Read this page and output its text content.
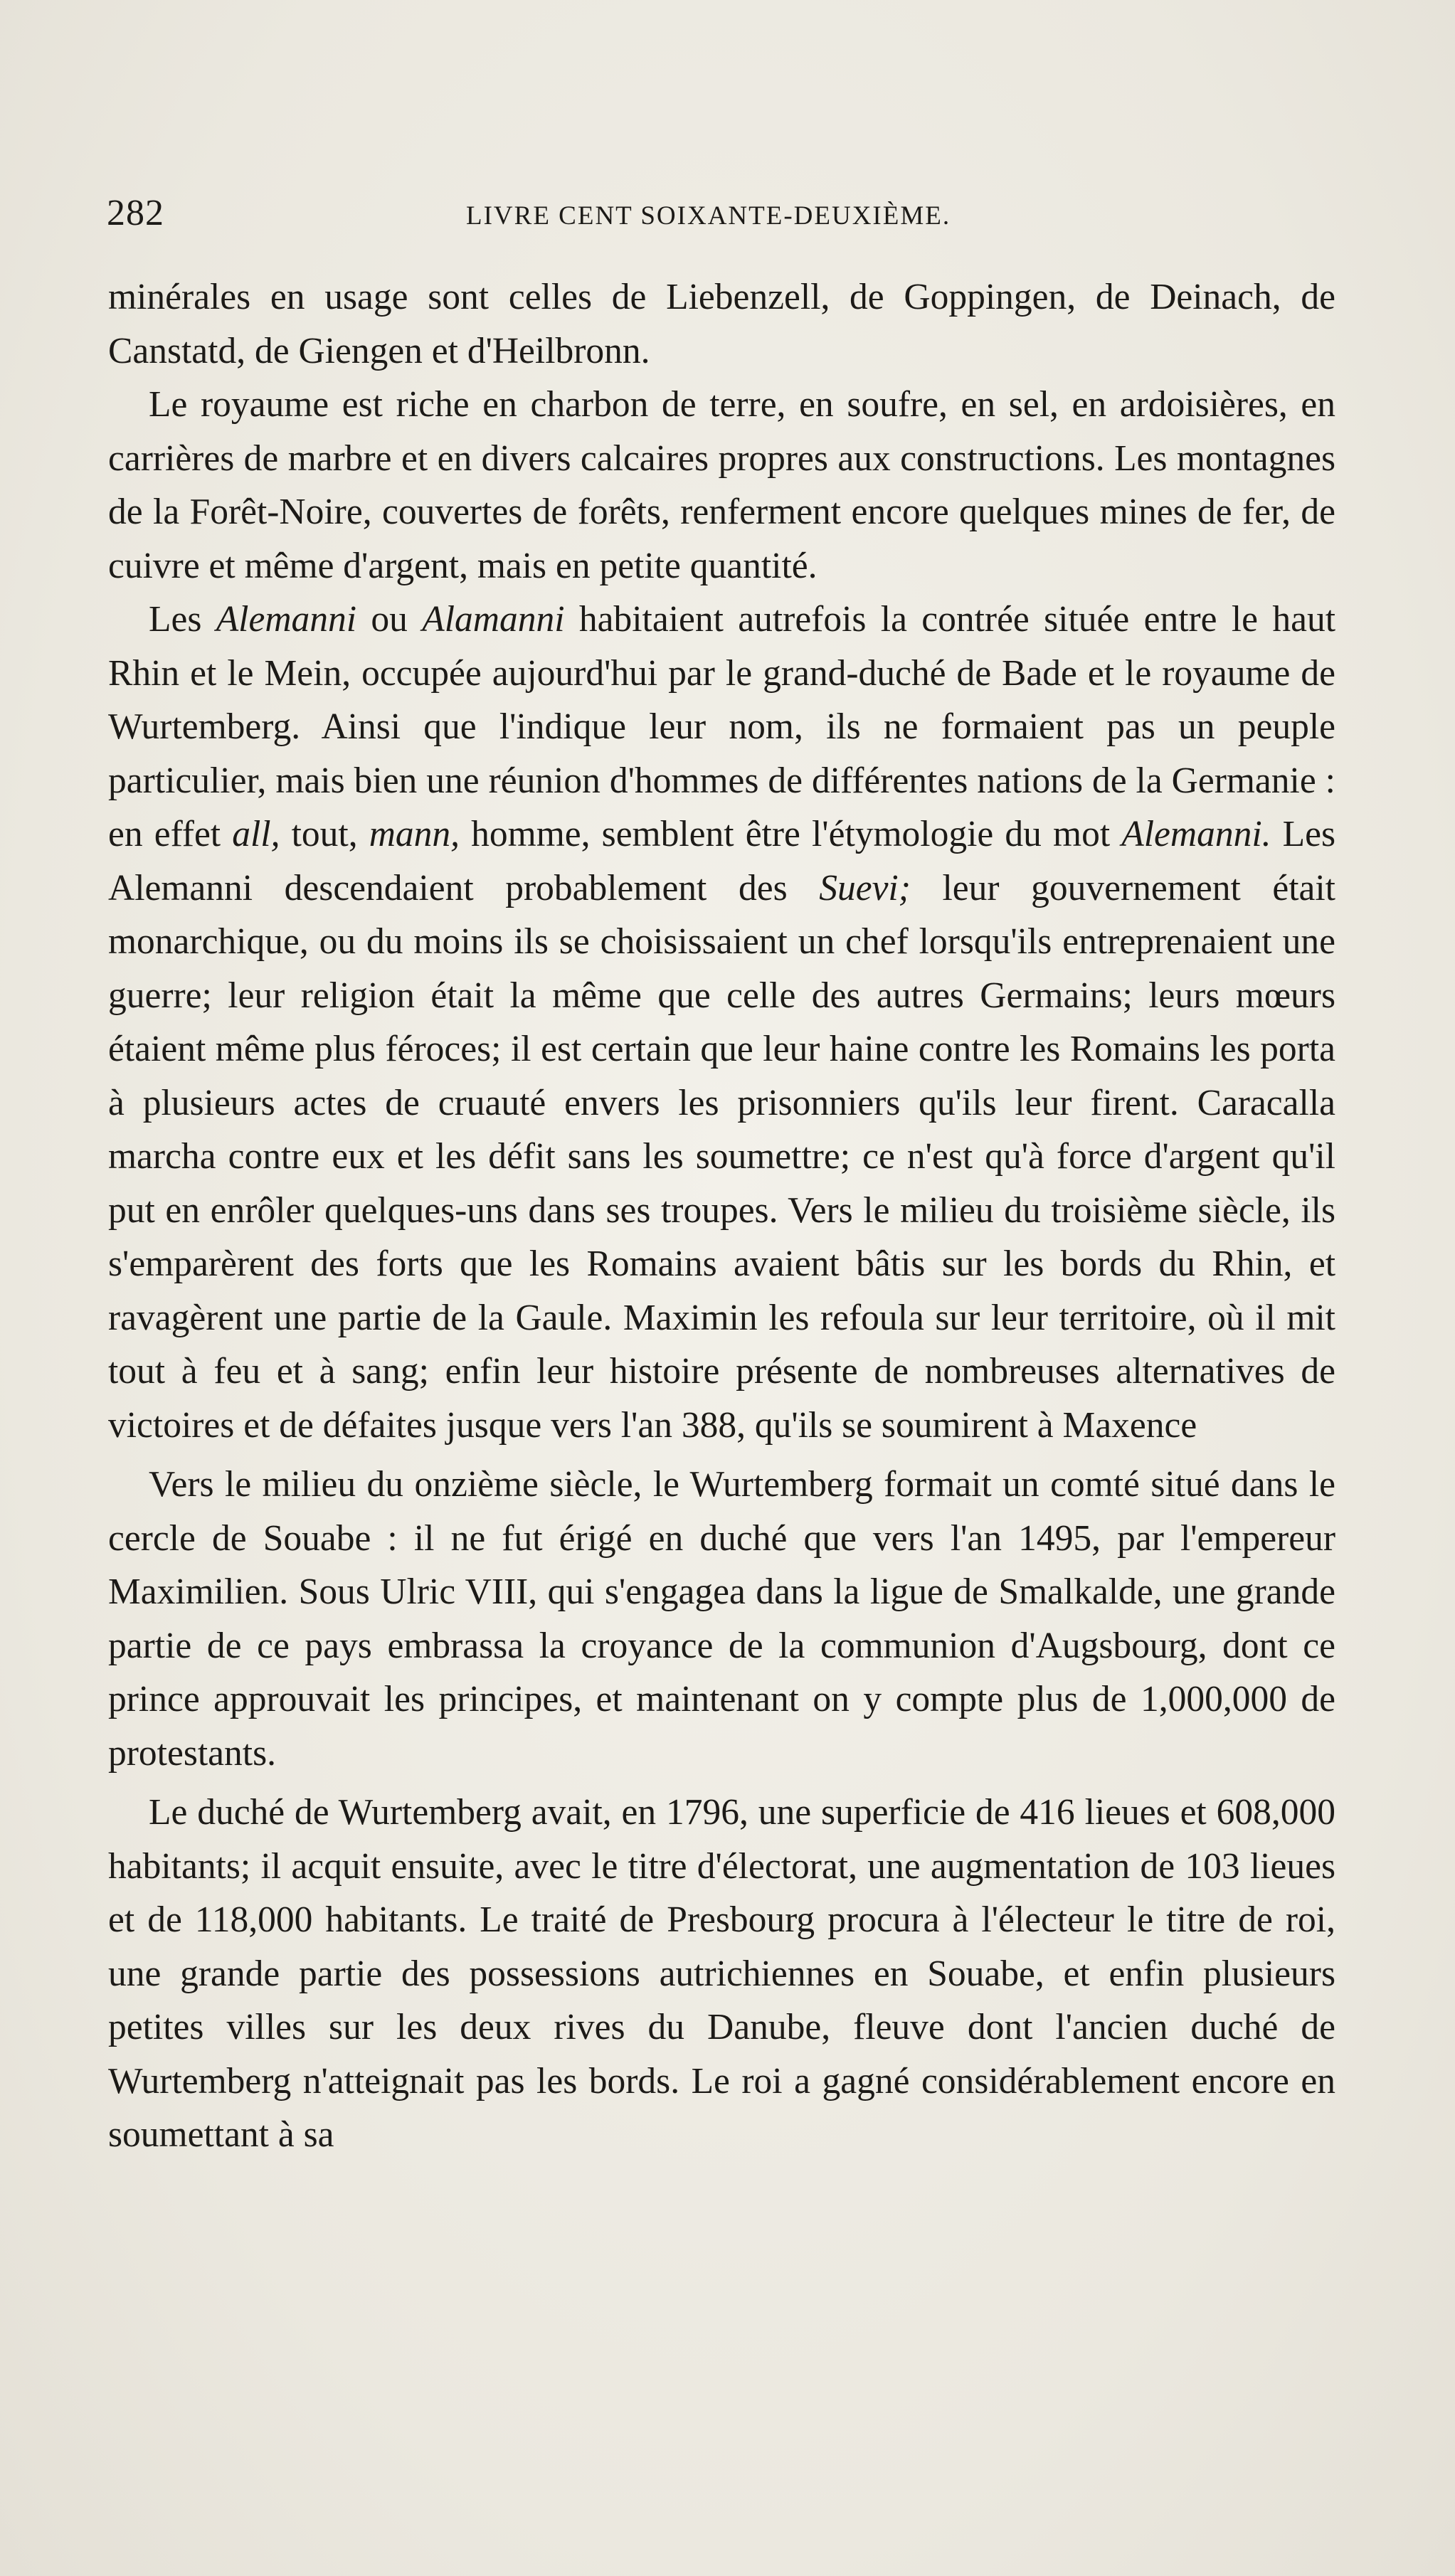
282	LIVRE CENT SOIXANTE-DEUXIÈME.

minérales en usage sont celles de Liebenzell, de Goppingen, de Deinach, de Canstatd, de Giengen et d'Heilbronn.

Le royaume est riche en charbon de terre, en soufre, en sel, en ardoisières, en carrières de marbre et en divers calcaires propres aux constructions. Les montagnes de la Forêt-Noire, couvertes de forêts, renferment encore quelques mines de fer, de cuivre et même d'argent, mais en petite quantité.

Les Alemanni ou Alamanni habitaient autrefois la contrée située entre le haut Rhin et le Mein, occupée aujourd'hui par le grand-duché de Bade et le royaume de Wurtemberg. Ainsi que l'indique leur nom, ils ne formaient pas un peuple particulier, mais bien une réunion d'hommes de différentes nations de la Germanie : en effet all, tout, mann, homme, semblent être l'étymologie du mot Alemanni. Les Alemanni descendaient probablement des Suevi; leur gouvernement était monarchique, ou du moins ils se choisissaient un chef lorsqu'ils entreprenaient une guerre; leur religion était la même que celle des autres Germains; leurs mœurs étaient même plus féroces; il est certain que leur haine contre les Romains les porta à plusieurs actes de cruauté envers les prisonniers qu'ils leur firent. Caracalla marcha contre eux et les défit sans les soumettre; ce n'est qu'à force d'argent qu'il put en enrôler quelques-uns dans ses troupes. Vers le milieu du troisième siècle, ils s'emparèrent des forts que les Romains avaient bâtis sur les bords du Rhin, et ravagèrent une partie de la Gaule. Maximin les refoula sur leur territoire, où il mit tout à feu et à sang; enfin leur histoire présente de nombreuses alternatives de victoires et de défaites jusque vers l'an 388, qu'ils se soumirent à Maxence

Vers le milieu du onzième siècle, le Wurtemberg formait un comté situé dans le cercle de Souabe : il ne fut érigé en duché que vers l'an 1495, par l'empereur Maximilien. Sous Ulric VIII, qui s'engagea dans la ligue de Smalkalde, une grande partie de ce pays embrassa la croyance de la communion d'Augsbourg, dont ce prince approuvait les principes, et maintenant on y compte plus de 1,000,000 de protestants.

Le duché de Wurtemberg avait, en 1796, une superficie de 416 lieues et 608,000 habitants; il acquit ensuite, avec le titre d'électorat, une augmentation de 103 lieues et de 118,000 habitants. Le traité de Presbourg procura à l'électeur le titre de roi, une grande partie des possessions autrichiennes en Souabe, et enfin plusieurs petites villes sur les deux rives du Danube, fleuve dont l'ancien duché de Wurtemberg n'atteignait pas les bords. Le roi a gagné considérablement encore en soumettant à sa
